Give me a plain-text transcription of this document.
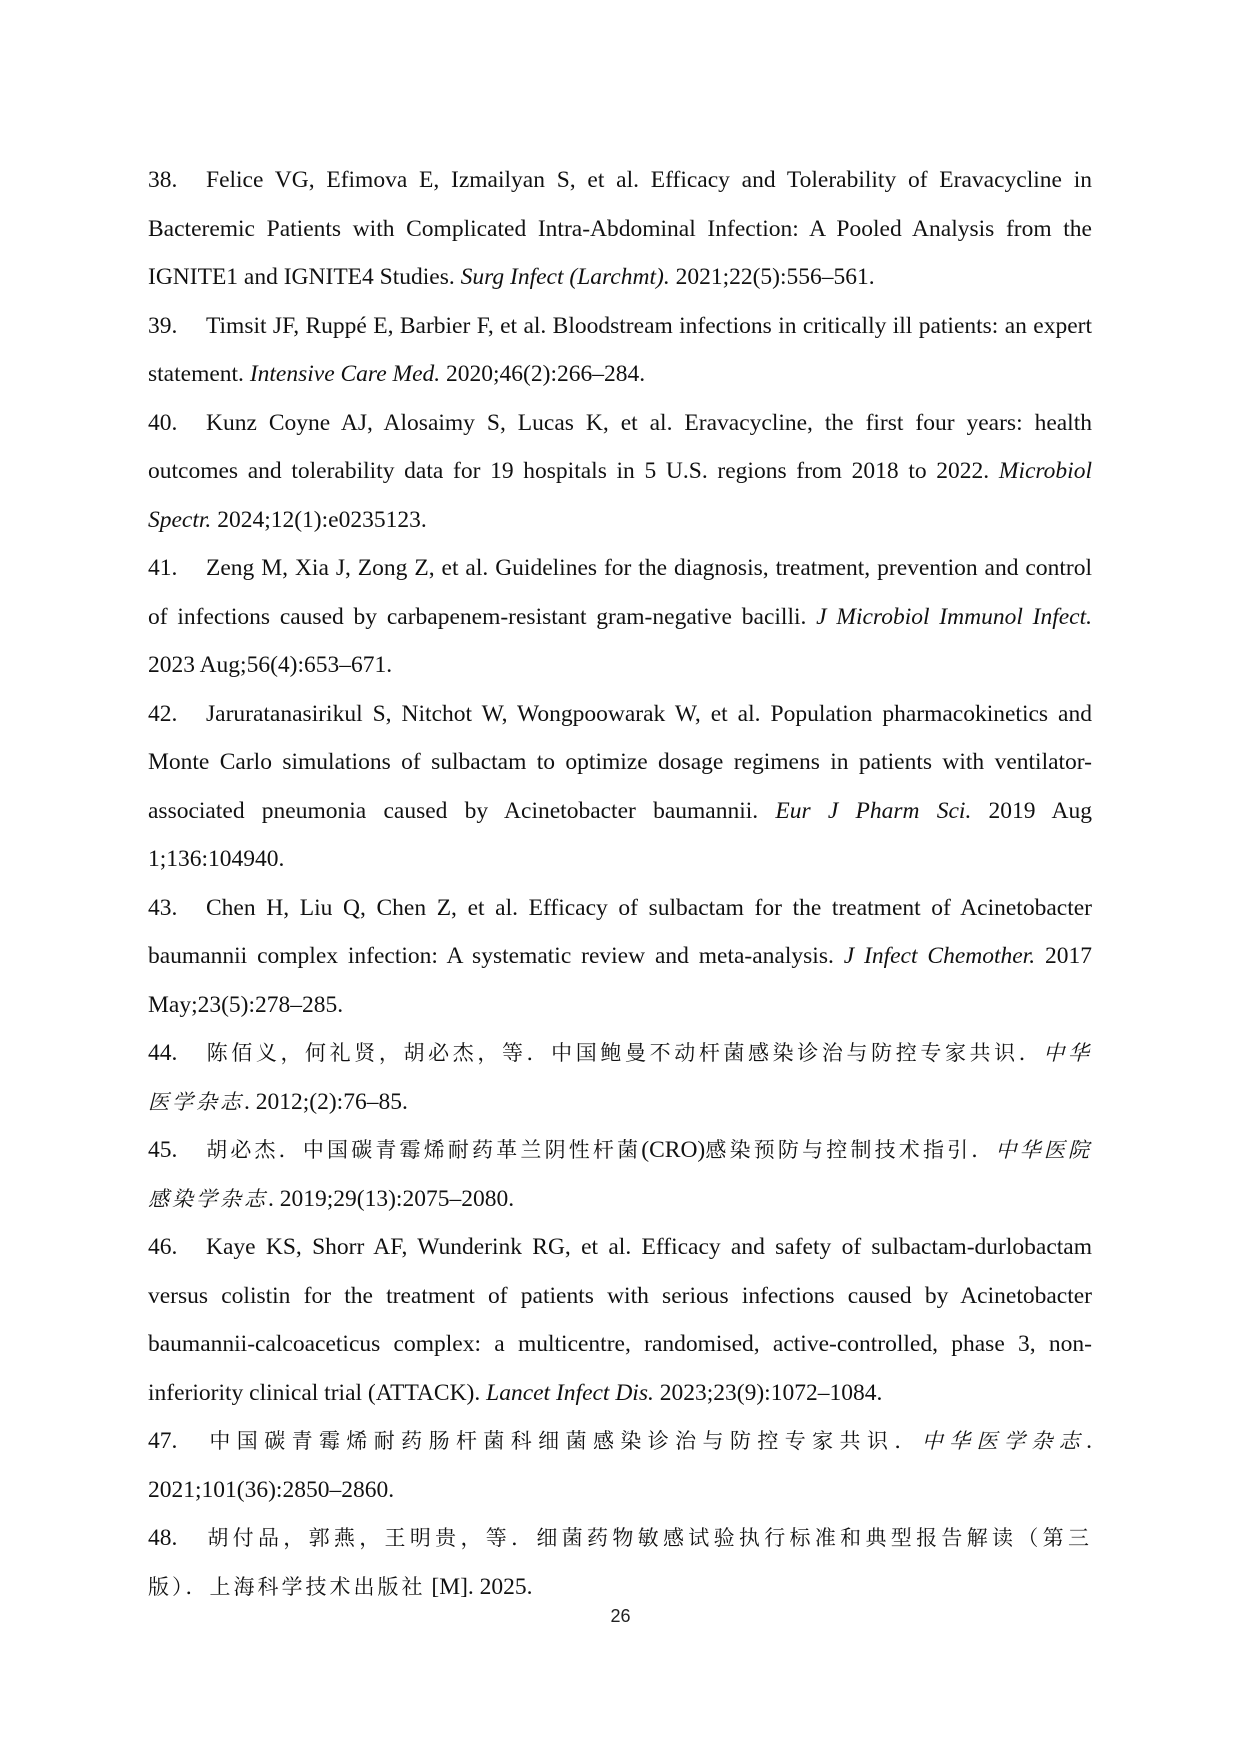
38. Felice VG, Efimova E, Izmailyan S, et al. Efficacy and Tolerability of Eravacycline in Bacteremic Patients with Complicated Intra-Abdominal Infection: A Pooled Analysis from the IGNITE1 and IGNITE4 Studies. Surg Infect (Larchmt). 2021;22(5):556–561.

39. Timsit JF, Ruppé E, Barbier F, et al. Bloodstream infections in critically ill patients: an expert statement. Intensive Care Med. 2020;46(2):266–284.

40. Kunz Coyne AJ, Alosaimy S, Lucas K, et al. Eravacycline, the first four years: health outcomes and tolerability data for 19 hospitals in 5 U.S. regions from 2018 to 2022. Microbiol Spectr. 2024;12(1):e0235123.

41. Zeng M, Xia J, Zong Z, et al. Guidelines for the diagnosis, treatment, prevention and control of infections caused by carbapenem-resistant gram-negative bacilli. J Microbiol Immunol Infect. 2023 Aug;56(4):653–671.

42. Jaruratanasirikul S, Nitchot W, Wongpoowarak W, et al. Population pharmacokinetics and Monte Carlo simulations of sulbactam to optimize dosage regimens in patients with ventilator-associated pneumonia caused by Acinetobacter baumannii. Eur J Pharm Sci. 2019 Aug 1;136:104940.

43. Chen H, Liu Q, Chen Z, et al. Efficacy of sulbactam for the treatment of Acinetobacter baumannii complex infection: A systematic review and meta-analysis. J Infect Chemother. 2017 May;23(5):278–285.

44. 陈佰义，何礼贤，胡必杰，等．中国鲍曼不动杆菌感染诊治与防控专家共识．中华医学杂志. 2012;(2):76–85.

45. 胡必杰．中国碳青霉烯耐药革兰阴性杆菌(CRO)感染预防与控制技术指引．中华医院感染学杂志. 2019;29(13):2075–2080.

46. Kaye KS, Shorr AF, Wunderink RG, et al. Efficacy and safety of sulbactam-durlobactam versus colistin for the treatment of patients with serious infections caused by Acinetobacter baumannii-calcoaceticus complex: a multicentre, randomised, active-controlled, phase 3, non-inferiority clinical trial (ATTACK). Lancet Infect Dis. 2023;23(9):1072–1084.

47. 中国碳青霉烯耐药肠杆菌科细菌感染诊治与防控专家共识．中华医学杂志. 2021;101(36):2850–2860.

48. 胡付品，郭燕，王明贵，等．细菌药物敏感试验执行标准和典型报告解读（第三版）．上海科学技术出版社 [M]. 2025.

26
